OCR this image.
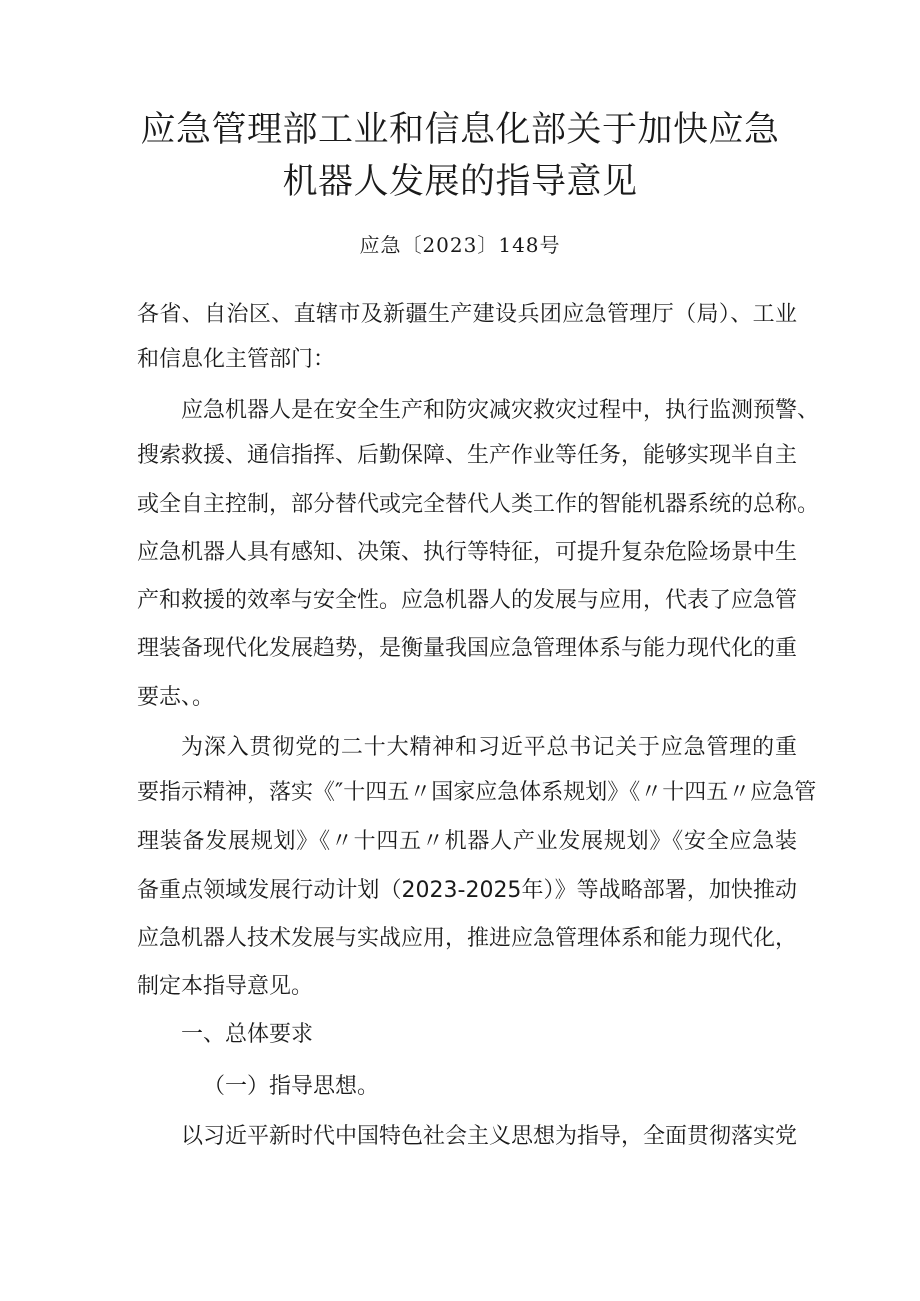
应急管理部工业和信息化部关于加快应急
机器人发展的指导意见
应急〔2023〕148号
各省、自治区、直辖市及新疆生产建设兵团应急管理厅（局）、工业
和信息化主管部门：
应急机器人是在安全生产和防灾减灾救灾过程中，执行监测预警、
搜索救援、通信指挥、后勤保障、生产作业等任务，能够实现半自主
或全自主控制，部分替代或完全替代人类工作的智能机器系统的总称。
应急机器人具有感知、决策、执行等特征，可提升复杂危险场景中生
产和救援的效率与安全性。应急机器人的发展与应用，代表了应急管
理装备现代化发展趋势，是衡量我国应急管理体系与能力现代化的重
要志、。
为深入贯彻党的二十大精神和习近平总书记关于应急管理的重
要指示精神，落实《″十四五〃国家应急体系规划》《〃十四五〃应急管
理装备发展规划》《〃十四五〃机器人产业发展规划》《安全应急装
备重点领域发展行动计划（2023-2025年）》等战略部署，加快推动
应急机器人技术发展与实战应用，推进应急管理体系和能力现代化，
制定本指导意见。
一、总体要求
（一）指导思想。
以习近平新时代中国特色社会主义思想为指导，全面贯彻落实党
